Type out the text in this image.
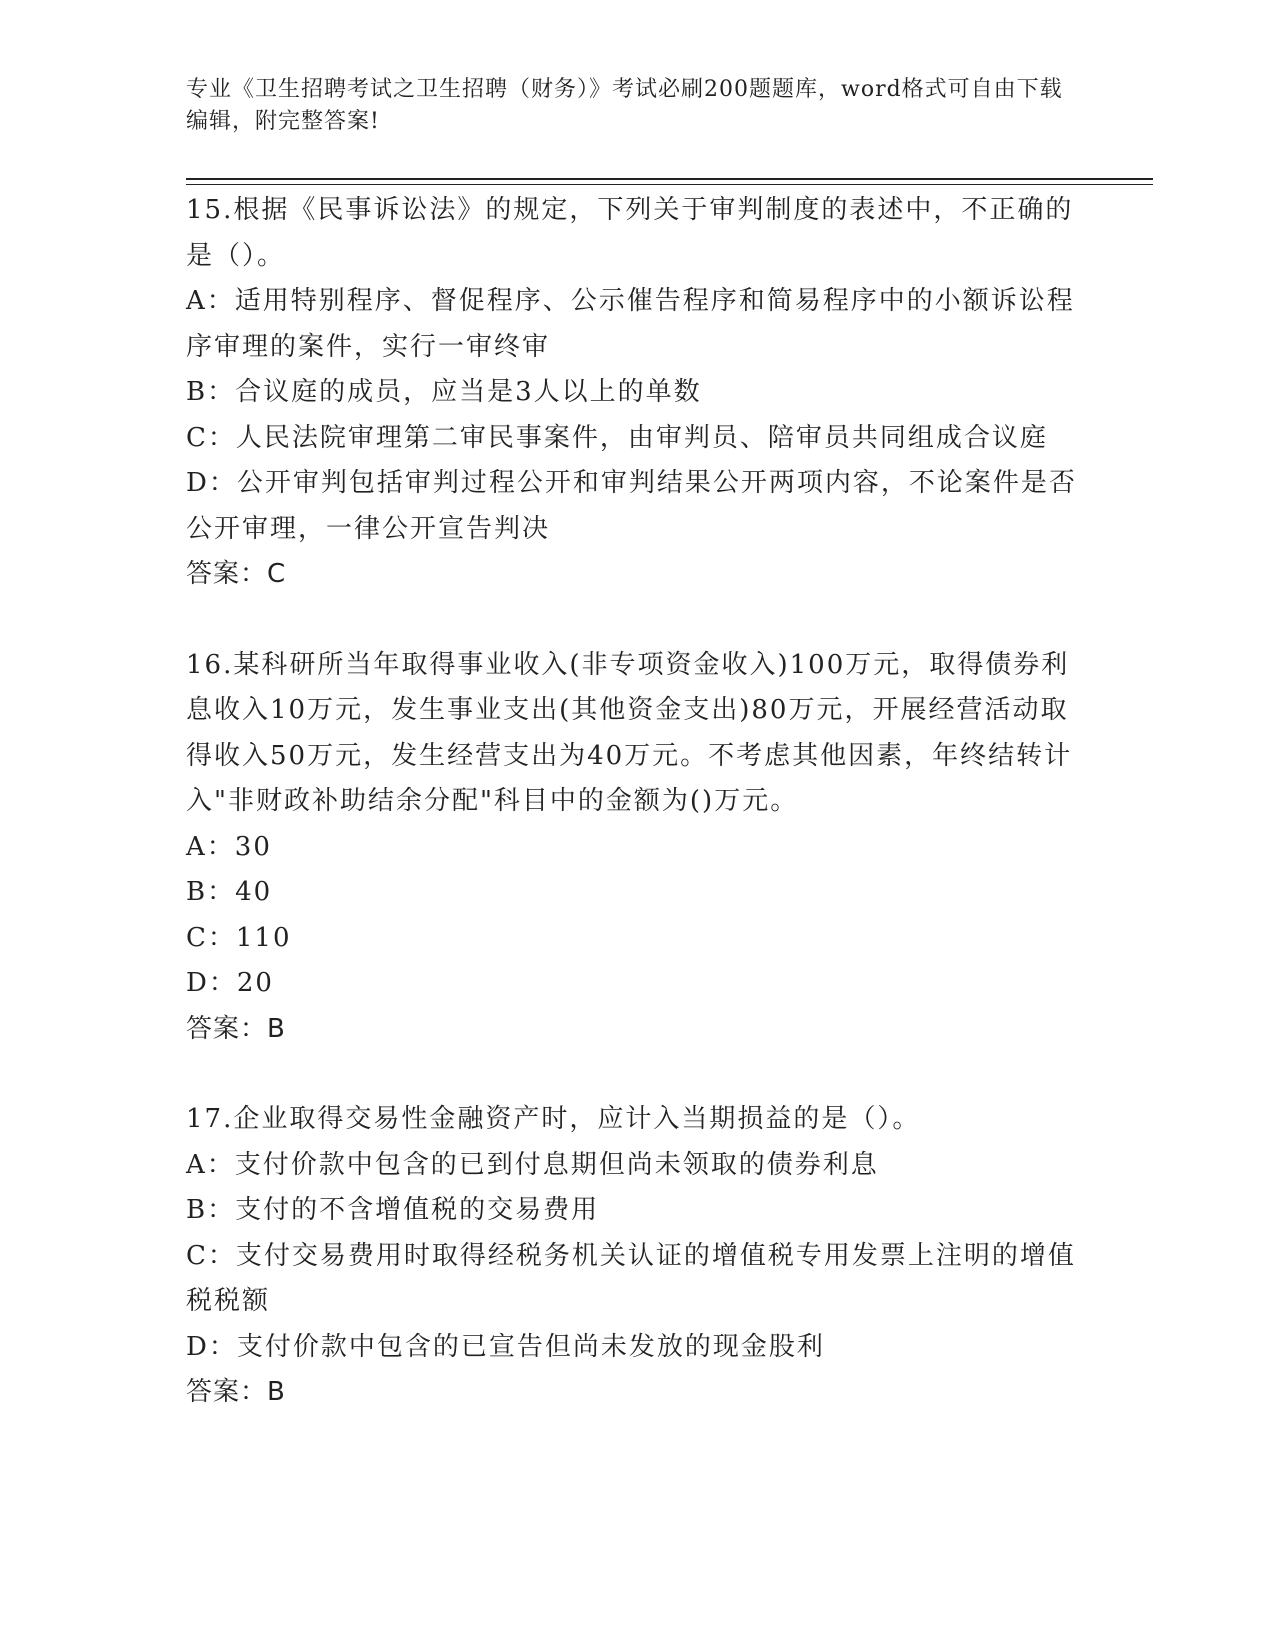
专业《卫生招聘考试之卫生招聘（财务）》考试必刷200题题库，word格式可自由下载编辑，附完整答案!

15.根据《民事诉讼法》的规定，下列关于审判制度的表述中，不正确的是（）。

A：适用特别程序、督促程序、公示催告程序和简易程序中的小额诉讼程序审理的案件，实行一审终审

B：合议庭的成员，应当是3人以上的单数

C：人民法院审理第二审民事案件，由审判员、陪审员共同组成合议庭

D：公开审判包括审判过程公开和审判结果公开两项内容，不论案件是否公开审理，一律公开宣告判决

答案：C

16.某科研所当年取得事业收入(非专项资金收入)100万元，取得债券利息收入10万元，发生事业支出(其他资金支出)80万元，开展经营活动取得收入50万元，发生经营支出为40万元。不考虑其他因素，年终结转计入"非财政补助结余分配"科目中的金额为()万元。

A：30

B：40

C：110

D：20

答案：B

17.企业取得交易性金融资产时，应计入当期损益的是（）。

A：支付价款中包含的已到付息期但尚未领取的债券利息

B：支付的不含增值税的交易费用

C：支付交易费用时取得经税务机关认证的增值税专用发票上注明的增值税税额

D：支付价款中包含的已宣告但尚未发放的现金股利

答案：B
